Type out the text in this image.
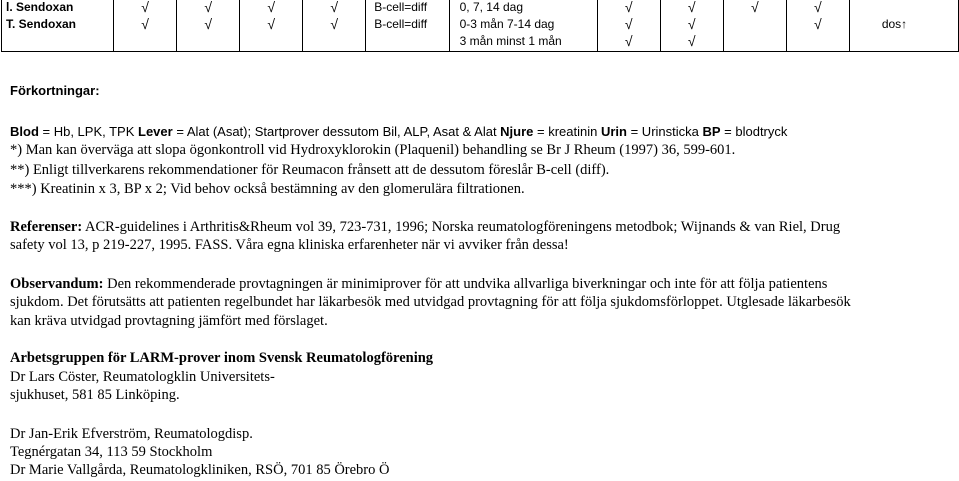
l. Sendoxan	√	√	√	√	B-cell=diff	0, 7, 14 dag	√	√	√	√	
T. Sendoxan	√	√	√	√	B-cell=diff	0-3 mån 7-14 dag	√	√		√	dos↑
						3 mån minst 1 mån	√	√			
Förkortningar:
Blod = Hb, LPK, TPK Lever = Alat (Asat); Startprover dessutom Bil, ALP, Asat & Alat Njure = kreatinin Urin = Urinsticka BP = blodtryck
*) Man kan överväga att slopa ögonkontroll vid Hydroxyklorokin (Plaquenil) behandling se Br J Rheum (1997) 36, 599-601.
**) Enligt tillverkarens rekommendationer för Reumacon frånsett att de dessutom föreslår B-cell (diff).
***) Kreatinin x 3, BP x 2; Vid behov också bestämning av den glomerulära filtrationen.
Referenser: ACR-guidelines i Arthritis&Rheum vol 39, 723-731, 1996; Norska reumatologföreningens metodbok; Wijnands & van Riel, Drug
safety vol 13, p 219-227, 1995. FASS. Våra egna kliniska erfarenheter när vi avviker från dessa!
Observandum: Den rekommenderade provtagningen är minimiprover för att undvika allvarliga biverkningar och inte för att följa patientens
sjukdom. Det förutsätts att patienten regelbundet har läkarbesök med utvidgad provtagning för att följa sjukdomsförloppet. Utglesade läkarbesök
kan kräva utvidgad provtagning jämfört med förslaget.
Arbetsgruppen för LARM-prover inom Svensk Reumatologförening
Dr Lars Cöster, Reumatologklin Universitets-
sjukhuset, 581 85 Linköping.
Dr Jan-Erik Efverström, Reumatologdisp.
Tegnérgatan 34, 113 59 Stockholm
Dr Marie Vallgårda, Reumatologkliniken, RSÖ, 701 85 Örebro Ö
